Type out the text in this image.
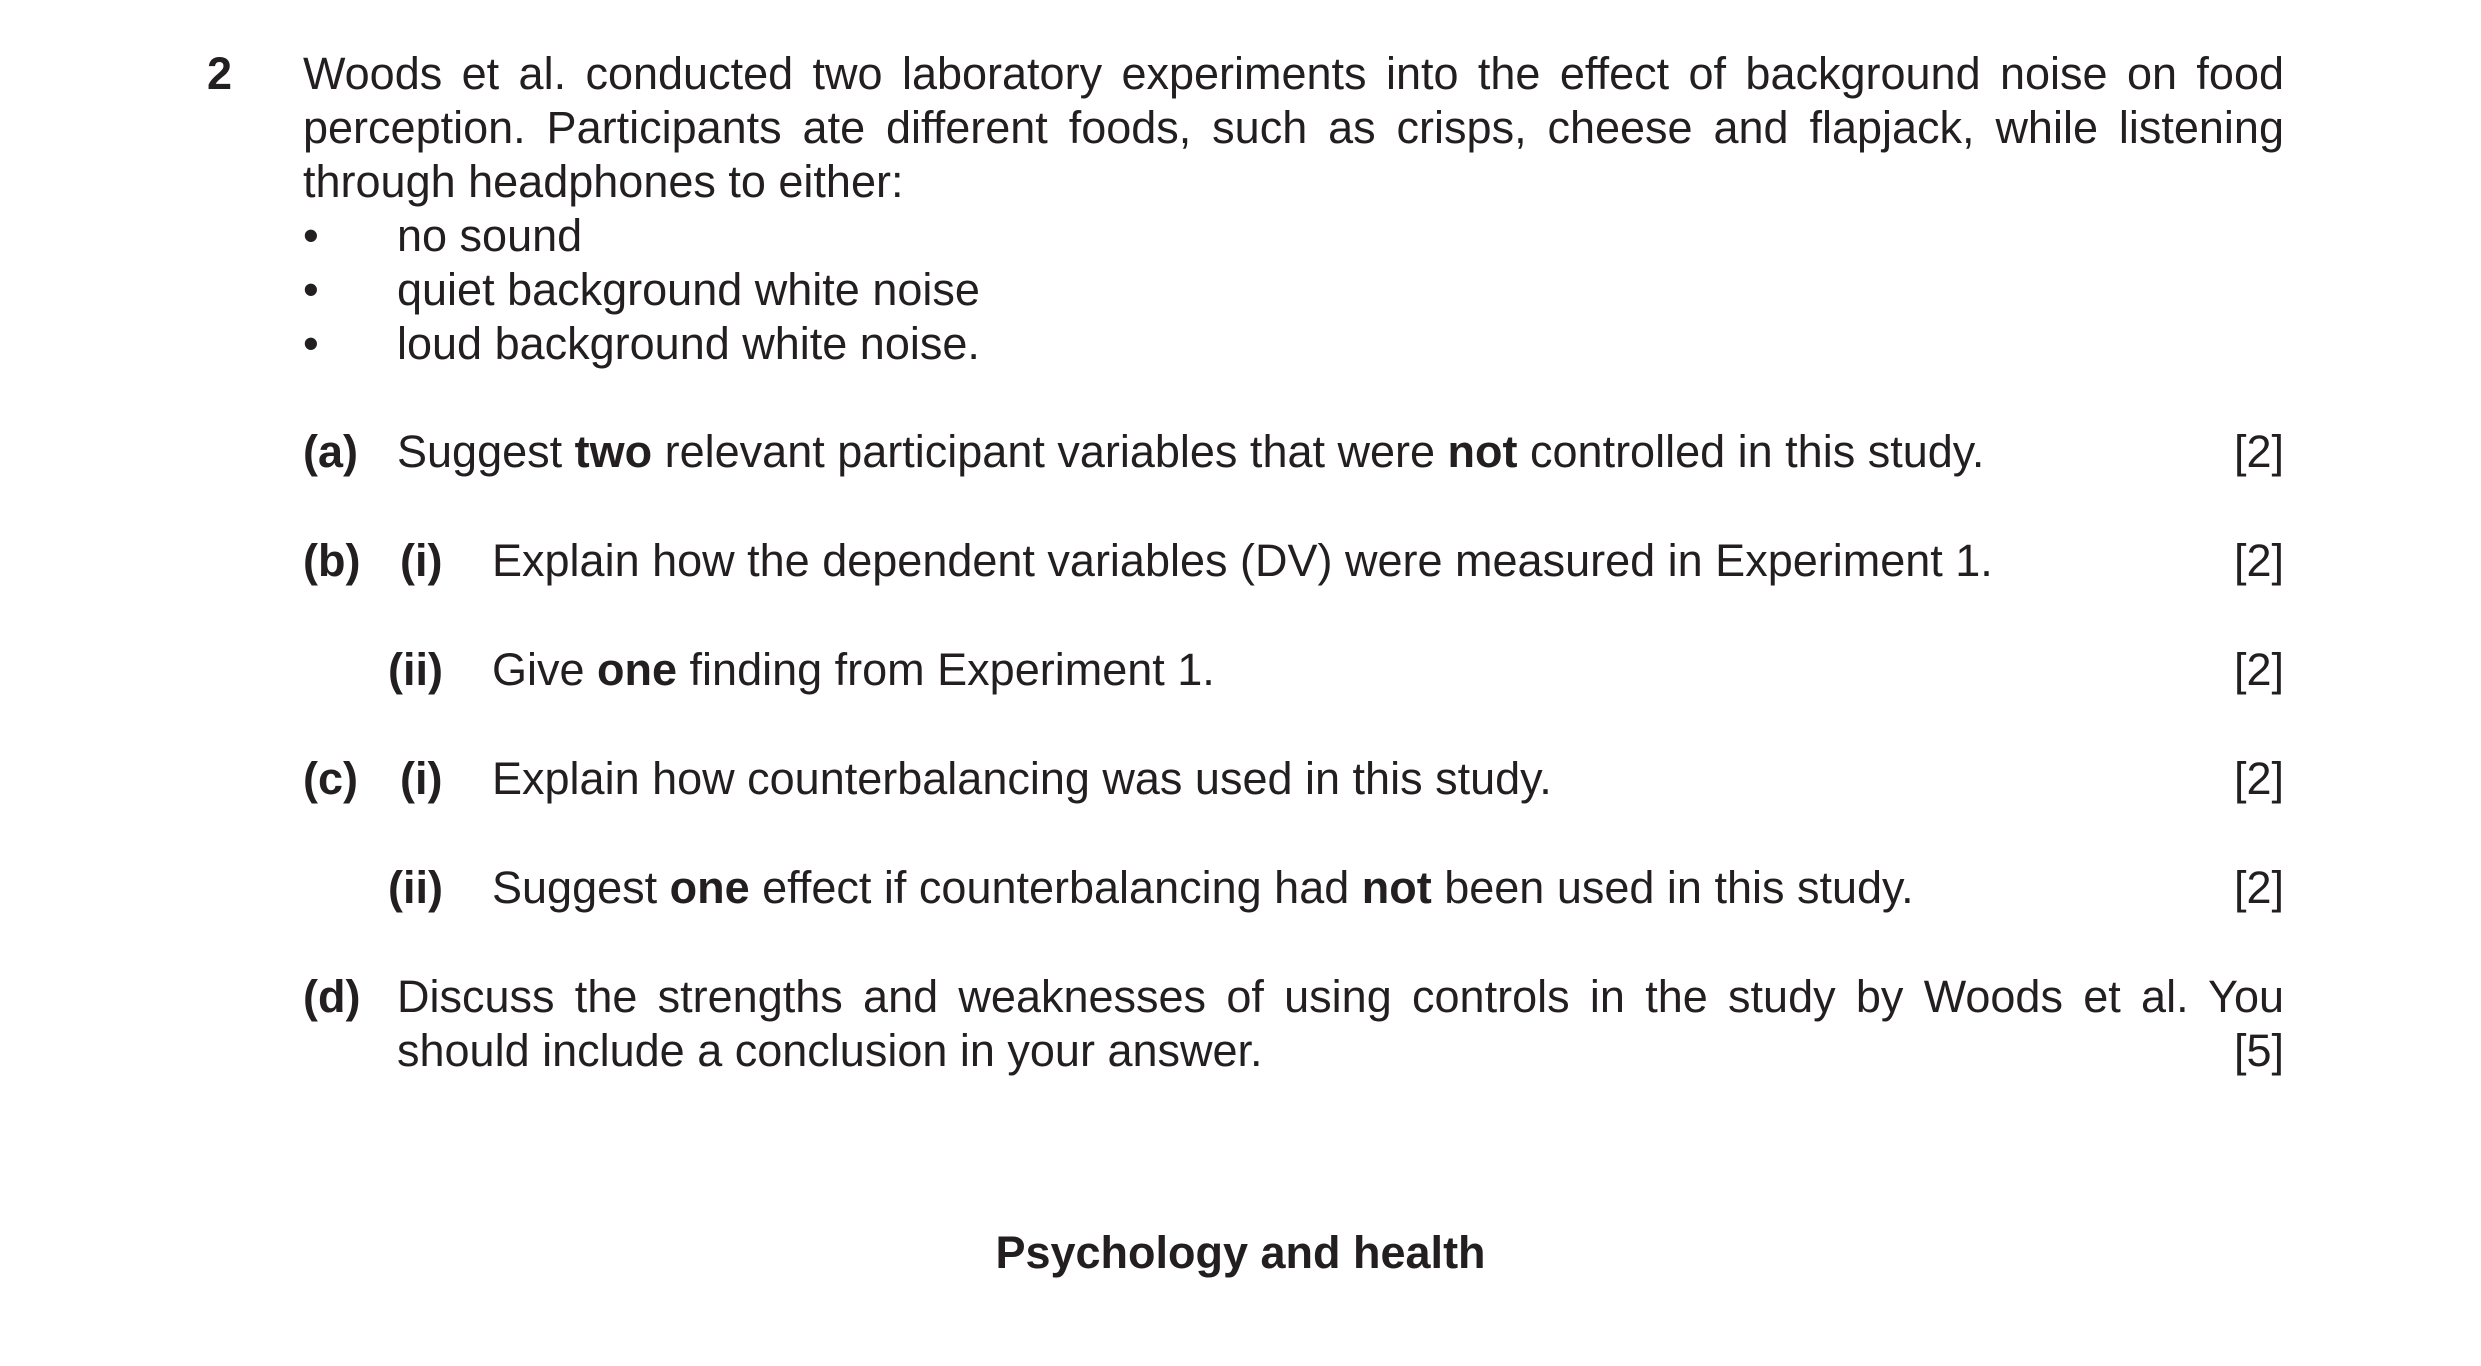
2 Woods et al. conducted two laboratory experiments into the effect of background noise on food
perception. Participants ate different foods, such as crisps, cheese and flapjack, while listening
through headphones to either:
• no sound
• quiet background white noise
• loud background white noise.
(a) Suggest two relevant participant variables that were not controlled in this study.	[2]
(b) (i) Explain how the dependent variables (DV) were measured in Experiment 1.	[2]
(ii) Give one finding from Experiment 1.	[2]
(c) (i) Explain how counterbalancing was used in this study.	[2]
(ii) Suggest one effect if counterbalancing had not been used in this study.	[2]
(d) Discuss the strengths and weaknesses of using controls in the study by Woods et al. You
should include a conclusion in your answer.	[5]
Psychology and health
